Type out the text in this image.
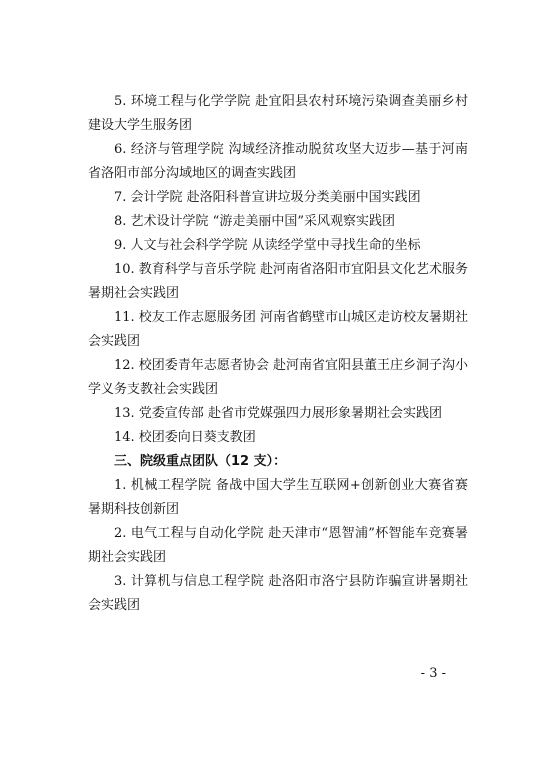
5. 环境工程与化学学院 赴宜阳县农村环境污染调查美丽乡村建设大学生服务团

6. 经济与管理学院 沟域经济推动脱贫攻坚大迈步—基于河南省洛阳市部分沟域地区的调查实践团

7. 会计学院 赴洛阳科普宣讲垃圾分类美丽中国实践团

8. 艺术设计学院 “游走美丽中国”采风观察实践团

9. 人文与社会科学学院 从读经学堂中寻找生命的坐标

10. 教育科学与音乐学院 赴河南省洛阳市宜阳县文化艺术服务暑期社会实践团

11. 校友工作志愿服务团 河南省鹤壁市山城区走访校友暑期社会实践团

12. 校团委青年志愿者协会 赴河南省宜阳县董王庄乡洞子沟小学义务支教社会实践团

13. 党委宣传部 赴省市党媒强四力展形象暑期社会实践团

14. 校团委向日葵支教团

三、院级重点团队（12 支）：

1. 机械工程学院 备战中国大学生互联网+创新创业大赛省赛暑期科技创新团

2. 电气工程与自动化学院 赴天津市“恩智浦”杯智能车竞赛暑期社会实践团

3. 计算机与信息工程学院 赴洛阳市洛宁县防诈骗宣讲暑期社会实践团

- 3 -
